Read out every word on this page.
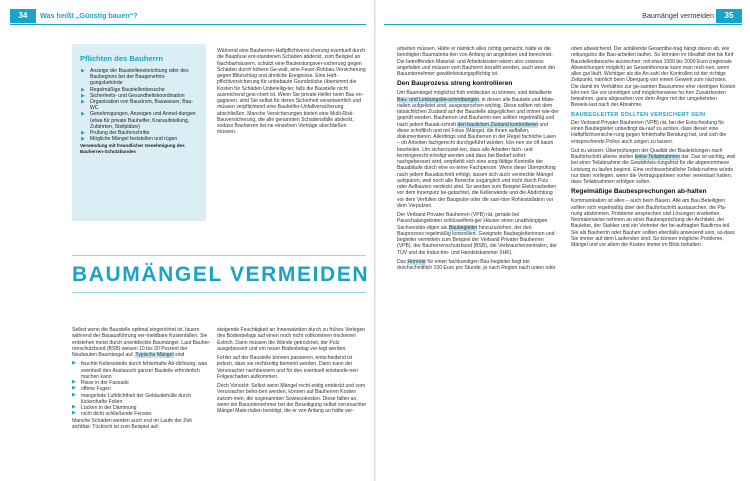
34	Was heißt „Günstig bauen“?	Baumängel vermeiden	35
Pflichten des Bauherrn
▶ Anzeige der Baustelleneinrichtung oder des Baubeginns bei der Baugenehmi-gungsbehörde
▶ Regelmäßige Baustellenbesuche
▶ Sicherheits- und Gesundheitskoordination
▶ Organisation von Baustrom, Bauwasser, Bau-WC
▶ Genehmigungen, Anzeigen und Anmel-dungen (etwa für private Bauhelfer, Kranaufstellung, Zufahrten, Stellplätze)
▶ Prüfung der Bauforschritte
▶ Mögliche Mängel feststellen und rügen
Verwendung mit freundlicher Genehmigung des Bauherren-Schutzbundes

Während eine Bauherren-Haftpflichtversi-cherung eventuell durch die Baupfuse ent-standenen Schäden abdeckt, zum Beispiel an Nachbarhäusern, schützt eine Bauleistungsver-sicherung gegen Schäden durch höhere Ge-walt, eine Feuer-Rohbau-Versicherung gegen Blitzschlag und ähnliche Ereignisse. Eine Haft-pflichtversicherung für unbebaute Grundstücke übernimmt die Kosten für Schäden Unbeteilig-ter, falls die Baustelle nicht ausreichend gesi-chert ist. Wenn Sie private Helfer beim Bau en-gagieren, sind Sie selbst für deren Sicherheit verantwortlich und müssen verpflichtend eine Bauhelfer-Unfallversicherung abschließen. Manche Versicherungen bieten eine Multi-Risk-Bauversicherung, die alle genannten Schadensfälle abdeckt, sodass Bauherren kei-ne einzelnen Verträge abschließen müssen.

BAUMÄNGEL VERMEIDEN

Selbst wenn die Baustelle optimal eingerichtet ist, lauern während der Bauausführung ver-meidbare Kostenfallen. Sie entstehen meist durch unentdeckte Baumängel. Laut Bauher-renschutzbund (BSB) weisen 10 bis 20 Prozent der Neubauten Baumängel auf. Typische Mängel sind

▶ feuchte Kellerwände durch fehlerhafte Ab-dichtung, was eventuell den Austausch ganzer Bauteile erforderlich machen kann
▶ Risse in der Fassade
▶ offene Fugen
▶ mangelnde Luftdichtheit der Gebäudehülle durch lückenhafte Folien
▶ Lücken in der Dämmung
▶ nicht dicht schließende Fenster.

Manche Schäden werden auch erst im Laufe der Zeit sichtbar. Tückisch ist zum Beispiel auf-

steigende Feuchtigkeit an Innenwänden durch zu frühes Verlegen des Bodenbelags auf einen noch nicht vollkommen trockenen Estrich. Dann müssen die Wände getrocknet, der Putz ausgebessert und ein neuer Bodenbelag ver-legt werden.

Fehler auf der Baustelle können passieren, entscheidend ist jedoch, dass sie rechtzeitig bemerkt werden. Dann kann der Verursacher nachbessern und für den eventuell entstande-nen Folgeschaden aufkommen.

Doch Vorsicht: Selbst wenn Mängel recht-zeitig entdeckt und vom Verursacher beho-ben werden, können auf Bauherren Kosten zukom-men, die sogenannten Sowiesokosten. Diese fallen an, wenn ein Bauunternehmer bei der Beseitigung selbst verursachter Mängel Mate-rialien benötigt, die er von Anfang an hätte ver-

arbeiten müssen. Hätte er nämlich alles richtig gemacht, hätte er die benötigten Baumateria-lien von Anfang an angeboten und berechnet. Die betreffenden Material- und Arbeitskosten wären also sowieso angefallen und müssen vom Bauherrn bezahlt werden, auch wenn der Bauunternehmer gewährleistungspflichtig ist.

Den Bauprozess streng kontrollieren

Um Baumängel möglichst früh entdecken zu können, sind detaillierte Bau- und Leistungsbe-schreibungen, in denen alle Bauteile und Mate-rialien aufgelistet sind, ausgesprochen wichtig. Diese sollten mit dem tatsächlichen Zustand auf der Baustelle abgeglichen und immer wie-der geprüft werden. Bauherren und Bauherrin-nen sollten regelmäßig und nach jedem Bauab-schnitt den baulichen Zustand kontrollieren und diese schriftlich und mit Fotos (Mängel, die ihnen auffallen, dokumentieren. Allerdings sind Bauherren in der Regel fachliche Laien – ob Arbeiten fachgerecht durchgeführt wurden, kön-nen sie oft kaum beurteilen. Um sicherzustel-len, dass alle Arbeiten fach- und termingerecht erledigt werden und dass bei Bedarf sofort nachgebessert wird, empfiehlt sich eine sorg-fältige Kontrolle der Bauabläufe durch eine ex-terne Fachperson. Wenn diese Überprüfung nach jedem Bauabschnitt erfolgt, lassen sich auch versteckte Mängel aufspüren, weil noch alle Bereiche zugänglich und nicht durch Putz oder Aufbauten verdeckt sind. So werden zum Beispiel Elektroarbeiten vor dem Innenputz be-gutachtet, die Kellerwände und die Abdichtung vor dem Verfüllen der Baugrube oder die sani-täre Rohinstallation vor dem Verputzen.

Der Verband Privater Bauherren (VPB) rät, gerade bei Pauschalangeboten schlüsselferti-ger Häuser einen unabhängigen Sachverstän-digen als Baubegleiter hinzuzuziehen, der den Bauprozess regelmäßig kontrolliert. Geeignete Baubegleiterinnen und -begleiter vermitteln zum Beispiel der Verband Privater Bauherren (VPB), der Bauherrenschutzbund (BSB), die Verbraucherzentralen, der TÜV und die Indus-trie- und Handelskammer (IHK).

Das Honorar für einen fachkundigen Bau-begleiter liegt bei durchschnittlich 100 Euro pro Stunde, je nach Region nach unten oder

oben abweichend. Der anfallende Gesamtbe-trag hängt davon ab, wie reibungslos die Bau-arbeiten laufen. So könnten im Idealfall drei bis fünf Baustellenbesuche ausreichen; mit etwa 1500 bis 2000 Euro (regionale Abweichungen möglich) an Gesamthonorar kann man rech-nen, wenn alles gut läuft. Wichtiger als die An-zahl der Kontrollen ist der richtige Zeitpunkt, nämlich beim Übergang von einem Gewerk zum nächsten. Die damit im Verhältnis zur ge-samten Bausumme eher niedrigen Kosten kön-nen Sie vor unnötigen und möglicherweise ho-hen Zusatzkosten bewahren, ganz abgesehen von dem Ärger mit der umgekehrten Beweis-last nach der Abnahme.

BAUBEGLEITER SOLLTEN VERSICHERT SEIN

Der Verband Privater Bauherren (VPB) rät, bei der Entscheidung für einen Baubegleiter unbedingt da-rauf zu achten, dass dieser eine Haftpflichtversiche-rung gegen fehlerhafte Beratung hat, und sich die entsprechende Police auch zeigen zu lassen.

Gut zu wissen: Überprüfungen der Qualität der Bauleistungen nach Baufortschritt alleine stellen keine Teilabnahmen dar. Das ist wichtig, weil bei einer Teilabnahme die Gewährleis-tungsfrist für die abgenommene Leistung zu laufen beginnt. Eine rechtsverbindliche Teilab-nahme würde nur dann vorliegen, wenn die Vertragsparteien vorher vereinbart hatten, dass Teilabnahmen erfolgen sollen.

Regelmäßige Baubesprechungen ab-halten

Kommunikation ist alles – auch beim Bauen. Alle am Bau Beteiligten sollten sich regelmäßig über den Baufortschritt austauschen, die Pla-nung abstimmen, Probleme ansprechen und Lösungen erarbeiten. Normalerweise nehmen an einer Baubesprechung der Architekt, der Bauleiter, der Statiker und ein Vertreter der be-auftragten Baufirma teil. Sie als Bauherrin oder Bauherr sollten ebenfalls anwesend sein, so-dass Sie immer auf dem Laufenden sind. So können mögliche Probleme, Mängel und vor allem die Kosten immer im Blick behalten.
